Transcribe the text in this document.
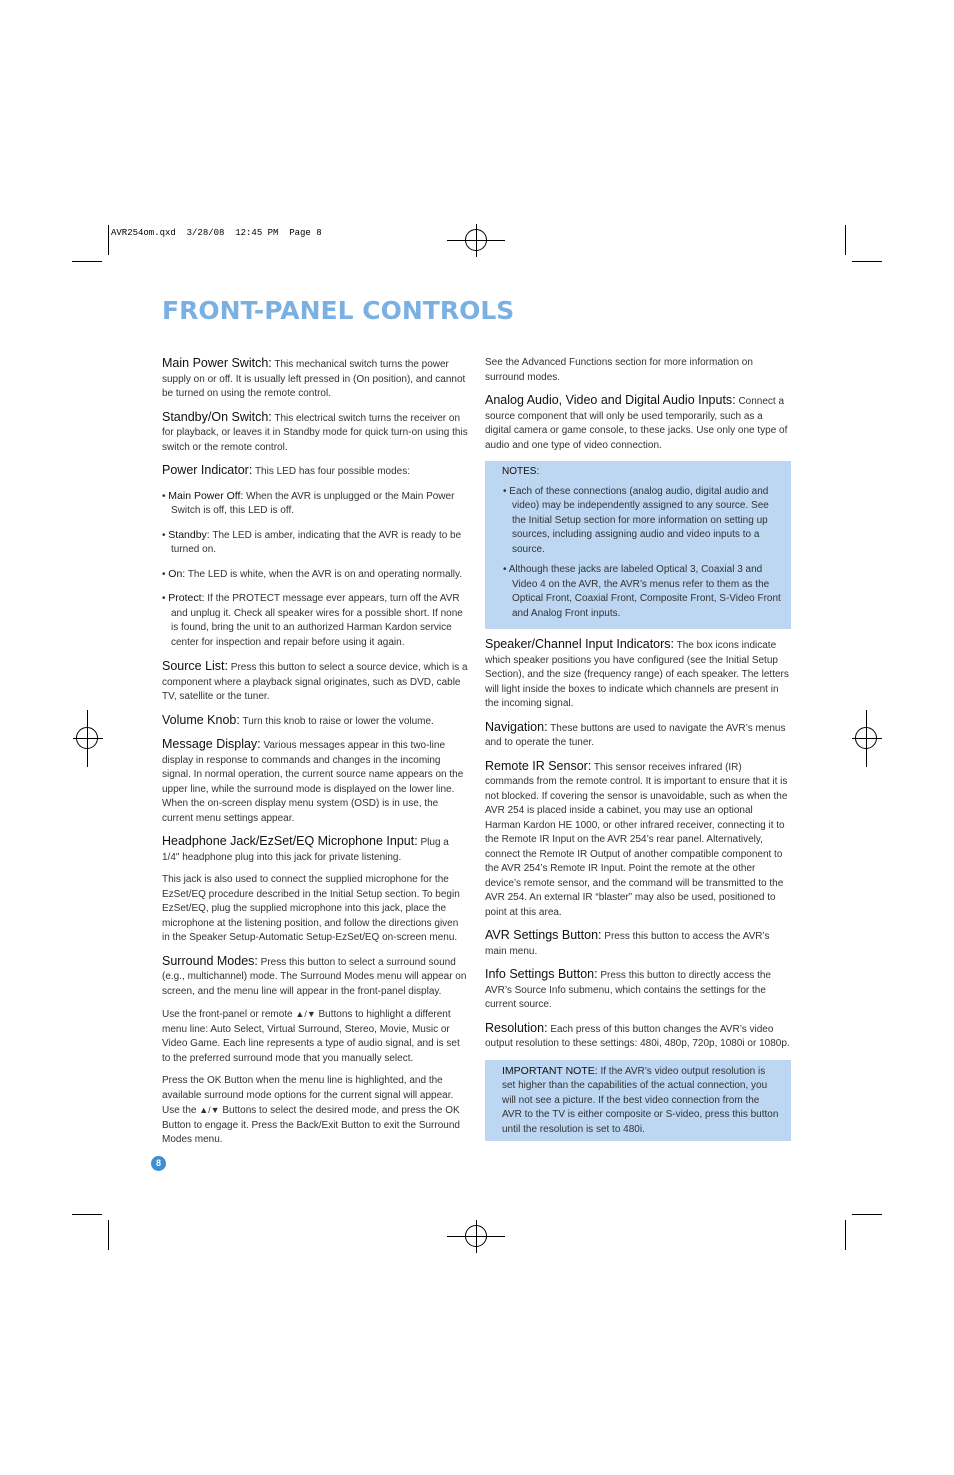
AVR254om.qxd  3/28/08  12:45 PM  Page 8
FRONT-PANEL CONTROLS

Main Power Switch: This mechanical switch turns the power supply on or off. It is usually left pressed in (On position), and cannot be turned on using the remote control.

Standby/On Switch: This electrical switch turns the receiver on for playback, or leaves it in Standby mode for quick turn-on using this switch or the remote control.

Power Indicator: This LED has four possible modes:

• Main Power Off: When the AVR is unplugged or the Main Power Switch is off, this LED is off.

• Standby: The LED is amber, indicating that the AVR is ready to be turned on.

• On: The LED is white, when the AVR is on and operating normally.

• Protect: If the PROTECT message ever appears, turn off the AVR and unplug it. Check all speaker wires for a possible short. If none is found, bring the unit to an authorized Harman Kardon service center for inspection and repair before using it again.

Source List: Press this button to select a source device, which is a component where a playback signal originates, such as DVD, cable TV, satellite or the tuner.

Volume Knob: Turn this knob to raise or lower the volume.

Message Display: Various messages appear in this two-line display in response to commands and changes in the incoming signal. In normal operation, the current source name appears on the upper line, while the surround mode is displayed on the lower line. When the on-screen display menu system (OSD) is in use, the current menu settings appear.

Headphone Jack/EzSet/EQ Microphone Input: Plug a 1/4" headphone plug into this jack for private listening.

This jack is also used to connect the supplied microphone for the EzSet/EQ procedure described in the Initial Setup section. To begin EzSet/EQ, plug the supplied microphone into this jack, place the microphone at the listening position, and follow the directions given in the Speaker Setup-Automatic Setup-EzSet/EQ on-screen menu.

Surround Modes: Press this button to select a surround sound (e.g., multichannel) mode. The Surround Modes menu will appear on screen, and the menu line will appear in the front-panel display.

Use the front-panel or remote ▲/▼ Buttons to highlight a different menu line: Auto Select, Virtual Surround, Stereo, Movie, Music or Video Game. Each line represents a type of audio signal, and is set to the preferred surround mode that you manually select.

Press the OK Button when the menu line is highlighted, and the available surround mode options for the current signal will appear. Use the ▲/▼ Buttons to select the desired mode, and press the OK Button to engage it. Press the Back/Exit Button to exit the Surround Modes menu.

See the Advanced Functions section for more information on surround modes.

Analog Audio, Video and Digital Audio Inputs: Connect a source component that will only be used temporarily, such as a digital camera or game console, to these jacks. Use only one type of audio and one type of video connection.

NOTES:

• Each of these connections (analog audio, digital audio and video) may be independently assigned to any source. See the Initial Setup section for more information on setting up sources, including assigning audio and video inputs to a source.

• Although these jacks are labeled Optical 3, Coaxial 3 and Video 4 on the AVR, the AVR’s menus refer to them as the Optical Front, Coaxial Front, Composite Front, S-Video Front and Analog Front inputs.

Speaker/Channel Input Indicators: The box icons indicate which speaker positions you have configured (see the Initial Setup Section), and the size (frequency range) of each speaker. The letters will light inside the boxes to indicate which channels are present in the incoming signal.

Navigation: These buttons are used to navigate the AVR’s menus and to operate the tuner.

Remote IR Sensor: This sensor receives infrared (IR) commands from the remote control. It is important to ensure that it is not blocked. If covering the sensor is unavoidable, such as when the AVR 254 is placed inside a cabinet, you may use an optional Harman Kardon HE 1000, or other infrared receiver, connecting it to the Remote IR Input on the AVR 254’s rear panel. Alternatively, connect the Remote IR Output of another compatible component to the AVR 254’s Remote IR Input. Point the remote at the other device’s remote sensor, and the command will be transmitted to the AVR 254. An external IR “blaster” may also be used, positioned to point at this area.

AVR Settings Button: Press this button to access the AVR’s main menu.

Info Settings Button: Press this button to directly access the AVR’s Source Info submenu, which contains the settings for the current source.

Resolution: Each press of this button changes the AVR’s video output resolution to these settings: 480i, 480p, 720p, 1080i or 1080p.

IMPORTANT NOTE: If the AVR’s video output resolution is set higher than the capabilities of the actual connection, you will not see a picture. If the best video connection from the AVR to the TV is either composite or S-video, press this button until the resolution is set to 480i.

8
